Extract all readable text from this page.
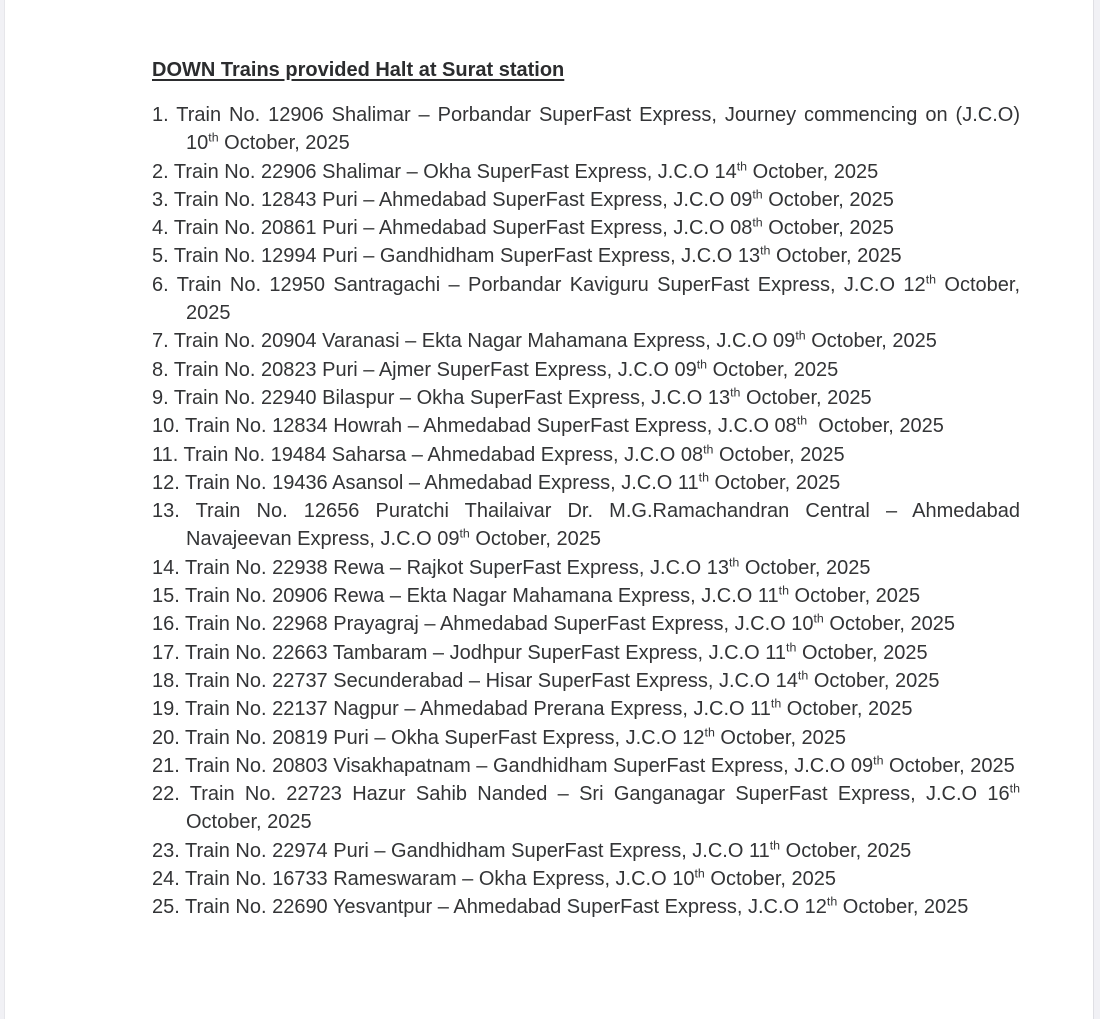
DOWN Trains provided Halt at Surat station
1. Train No. 12906 Shalimar – Porbandar SuperFast Express, Journey commencing on (J.C.O) 10th October, 2025
2. Train No. 22906 Shalimar – Okha SuperFast Express, J.C.O 14th October, 2025
3. Train No. 12843 Puri – Ahmedabad SuperFast Express, J.C.O 09th October, 2025
4. Train No. 20861 Puri – Ahmedabad SuperFast Express, J.C.O 08th October, 2025
5. Train No. 12994 Puri – Gandhidham SuperFast Express, J.C.O 13th October, 2025
6. Train No. 12950 Santragachi – Porbandar Kaviguru SuperFast Express, J.C.O 12th October, 2025
7. Train No. 20904 Varanasi – Ekta Nagar Mahamana Express, J.C.O 09th October, 2025
8. Train No. 20823 Puri – Ajmer SuperFast Express, J.C.O 09th October, 2025
9. Train No. 22940 Bilaspur – Okha SuperFast Express, J.C.O 13th October, 2025
10. Train No. 12834 Howrah – Ahmedabad SuperFast Express, J.C.O 08th  October, 2025
11. Train No. 19484 Saharsa – Ahmedabad Express, J.C.O 08th October, 2025
12. Train No. 19436 Asansol – Ahmedabad Express, J.C.O 11th October, 2025
13. Train No. 12656 Puratchi Thailaivar Dr. M.G.Ramachandran Central – Ahmedabad Navajeevan Express, J.C.O 09th October, 2025
14. Train No. 22938 Rewa – Rajkot SuperFast Express, J.C.O 13th October, 2025
15. Train No. 20906 Rewa – Ekta Nagar Mahamana Express, J.C.O 11th October, 2025
16. Train No. 22968 Prayagraj – Ahmedabad SuperFast Express, J.C.O 10th October, 2025
17. Train No. 22663 Tambaram – Jodhpur SuperFast Express, J.C.O 11th October, 2025
18. Train No. 22737 Secunderabad – Hisar SuperFast Express, J.C.O 14th October, 2025
19. Train No. 22137 Nagpur – Ahmedabad Prerana Express, J.C.O 11th October, 2025
20. Train No. 20819 Puri – Okha SuperFast Express, J.C.O 12th October, 2025
21. Train No. 20803 Visakhapatnam – Gandhidham SuperFast Express, J.C.O 09th October, 2025
22. Train No. 22723 Hazur Sahib Nanded – Sri Ganganagar SuperFast Express, J.C.O 16th October, 2025
23. Train No. 22974 Puri – Gandhidham SuperFast Express, J.C.O 11th October, 2025
24. Train No. 16733 Rameswaram – Okha Express, J.C.O 10th October, 2025
25. Train No. 22690 Yesvantpur – Ahmedabad SuperFast Express, J.C.O 12th October, 2025
